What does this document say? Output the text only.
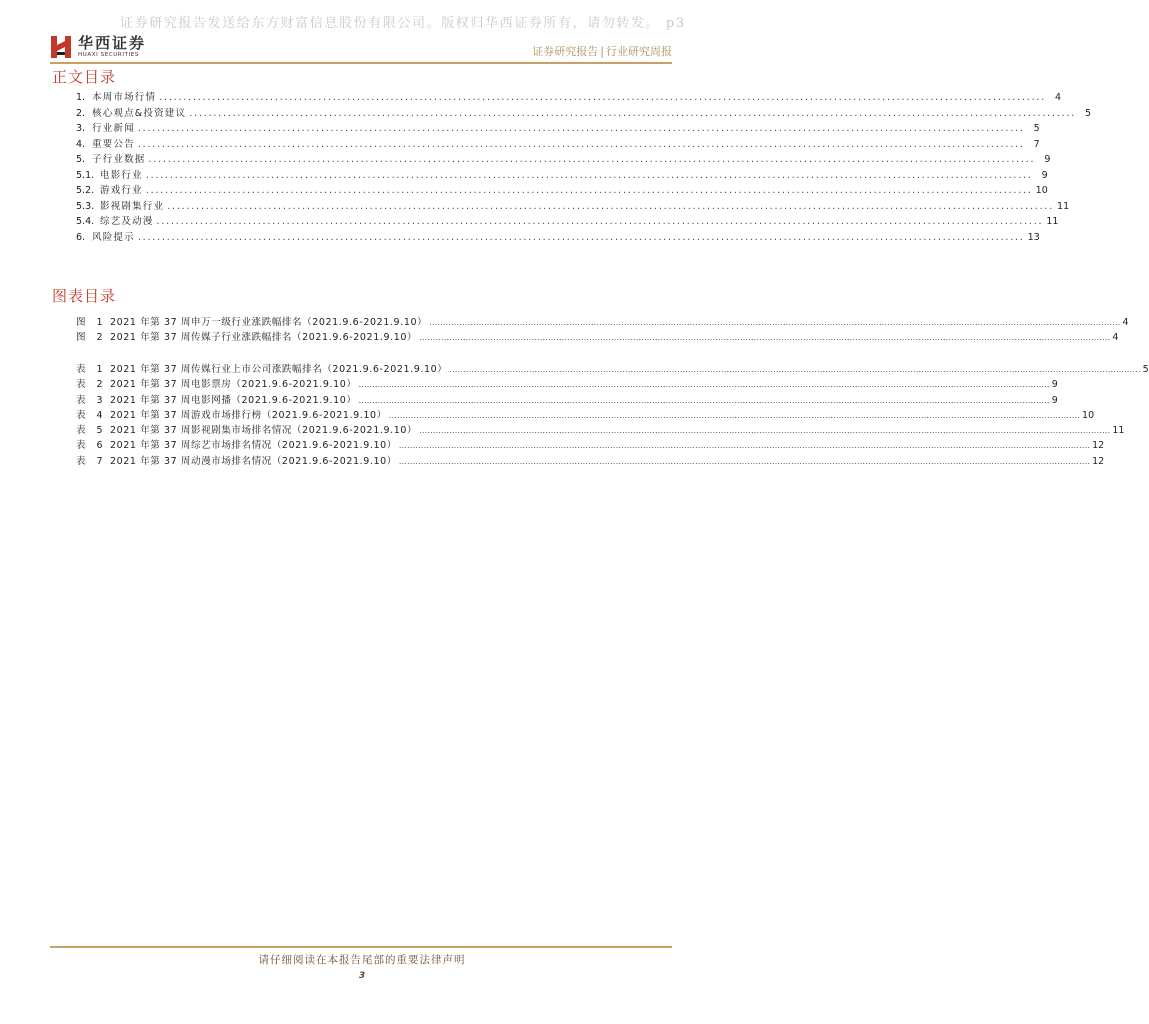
证券研究报告发送给东方财富信息股份有限公司。版权归华西证券所有，请勿转发。 p3
华西证券
HUAXI SECURITIES	证券研究报告 | 行业研究周报
正文目录
1. 本周市场行情 ........................................................................................................................................................................................ 4
2. 核心观点&投资建议 ........................................................................................................................................................................................ 5
3. 行业新闻 ........................................................................................................................................................................................ 5
4. 重要公告 ........................................................................................................................................................................................ 7
5. 子行业数据 ........................................................................................................................................................................................ 9
5.1. 电影行业 ........................................................................................................................................................................................ 9
5.2. 游戏行业 ........................................................................................................................................................................................ 10
5.3. 影视剧集行业 ........................................................................................................................................................................................ 11
5.4. 综艺及动漫 ........................................................................................................................................................................................ 11
6. 风险提示 ........................................................................................................................................................................................ 13
图表目录
图 1 2021 年第 37 周申万一级行业涨跌幅排名（2021.9.6-2021.9.10） ............................................................................................................................................................................................................................................................ 4
图 2 2021 年第 37 周传媒子行业涨跌幅排名（2021.9.6-2021.9.10） ............................................................................................................................................................................................................................................................ 4
表 1 2021 年第 37 周传媒行业上市公司涨跌幅排名（2021.9.6-2021.9.10） ............................................................................................................................................................................................................................................................ 5
表 2 2021 年第 37 周电影票房（2021.9.6-2021.9.10） ............................................................................................................................................................................................................................................................ 9
表 3 2021 年第 37 周电影网播（2021.9.6-2021.9.10） ............................................................................................................................................................................................................................................................ 9
表 4 2021 年第 37 周游戏市场排行榜（2021.9.6-2021.9.10） ............................................................................................................................................................................................................................................................ 10
表 5 2021 年第 37 周影视剧集市场排名情况（2021.9.6-2021.9.10） ............................................................................................................................................................................................................................................................ 11
表 6 2021 年第 37 周综艺市场排名情况（2021.9.6-2021.9.10） ............................................................................................................................................................................................................................................................ 12
表 7 2021 年第 37 周动漫市场排名情况（2021.9.6-2021.9.10） ............................................................................................................................................................................................................................................................ 12
请仔细阅读在本报告尾部的重要法律声明
3
